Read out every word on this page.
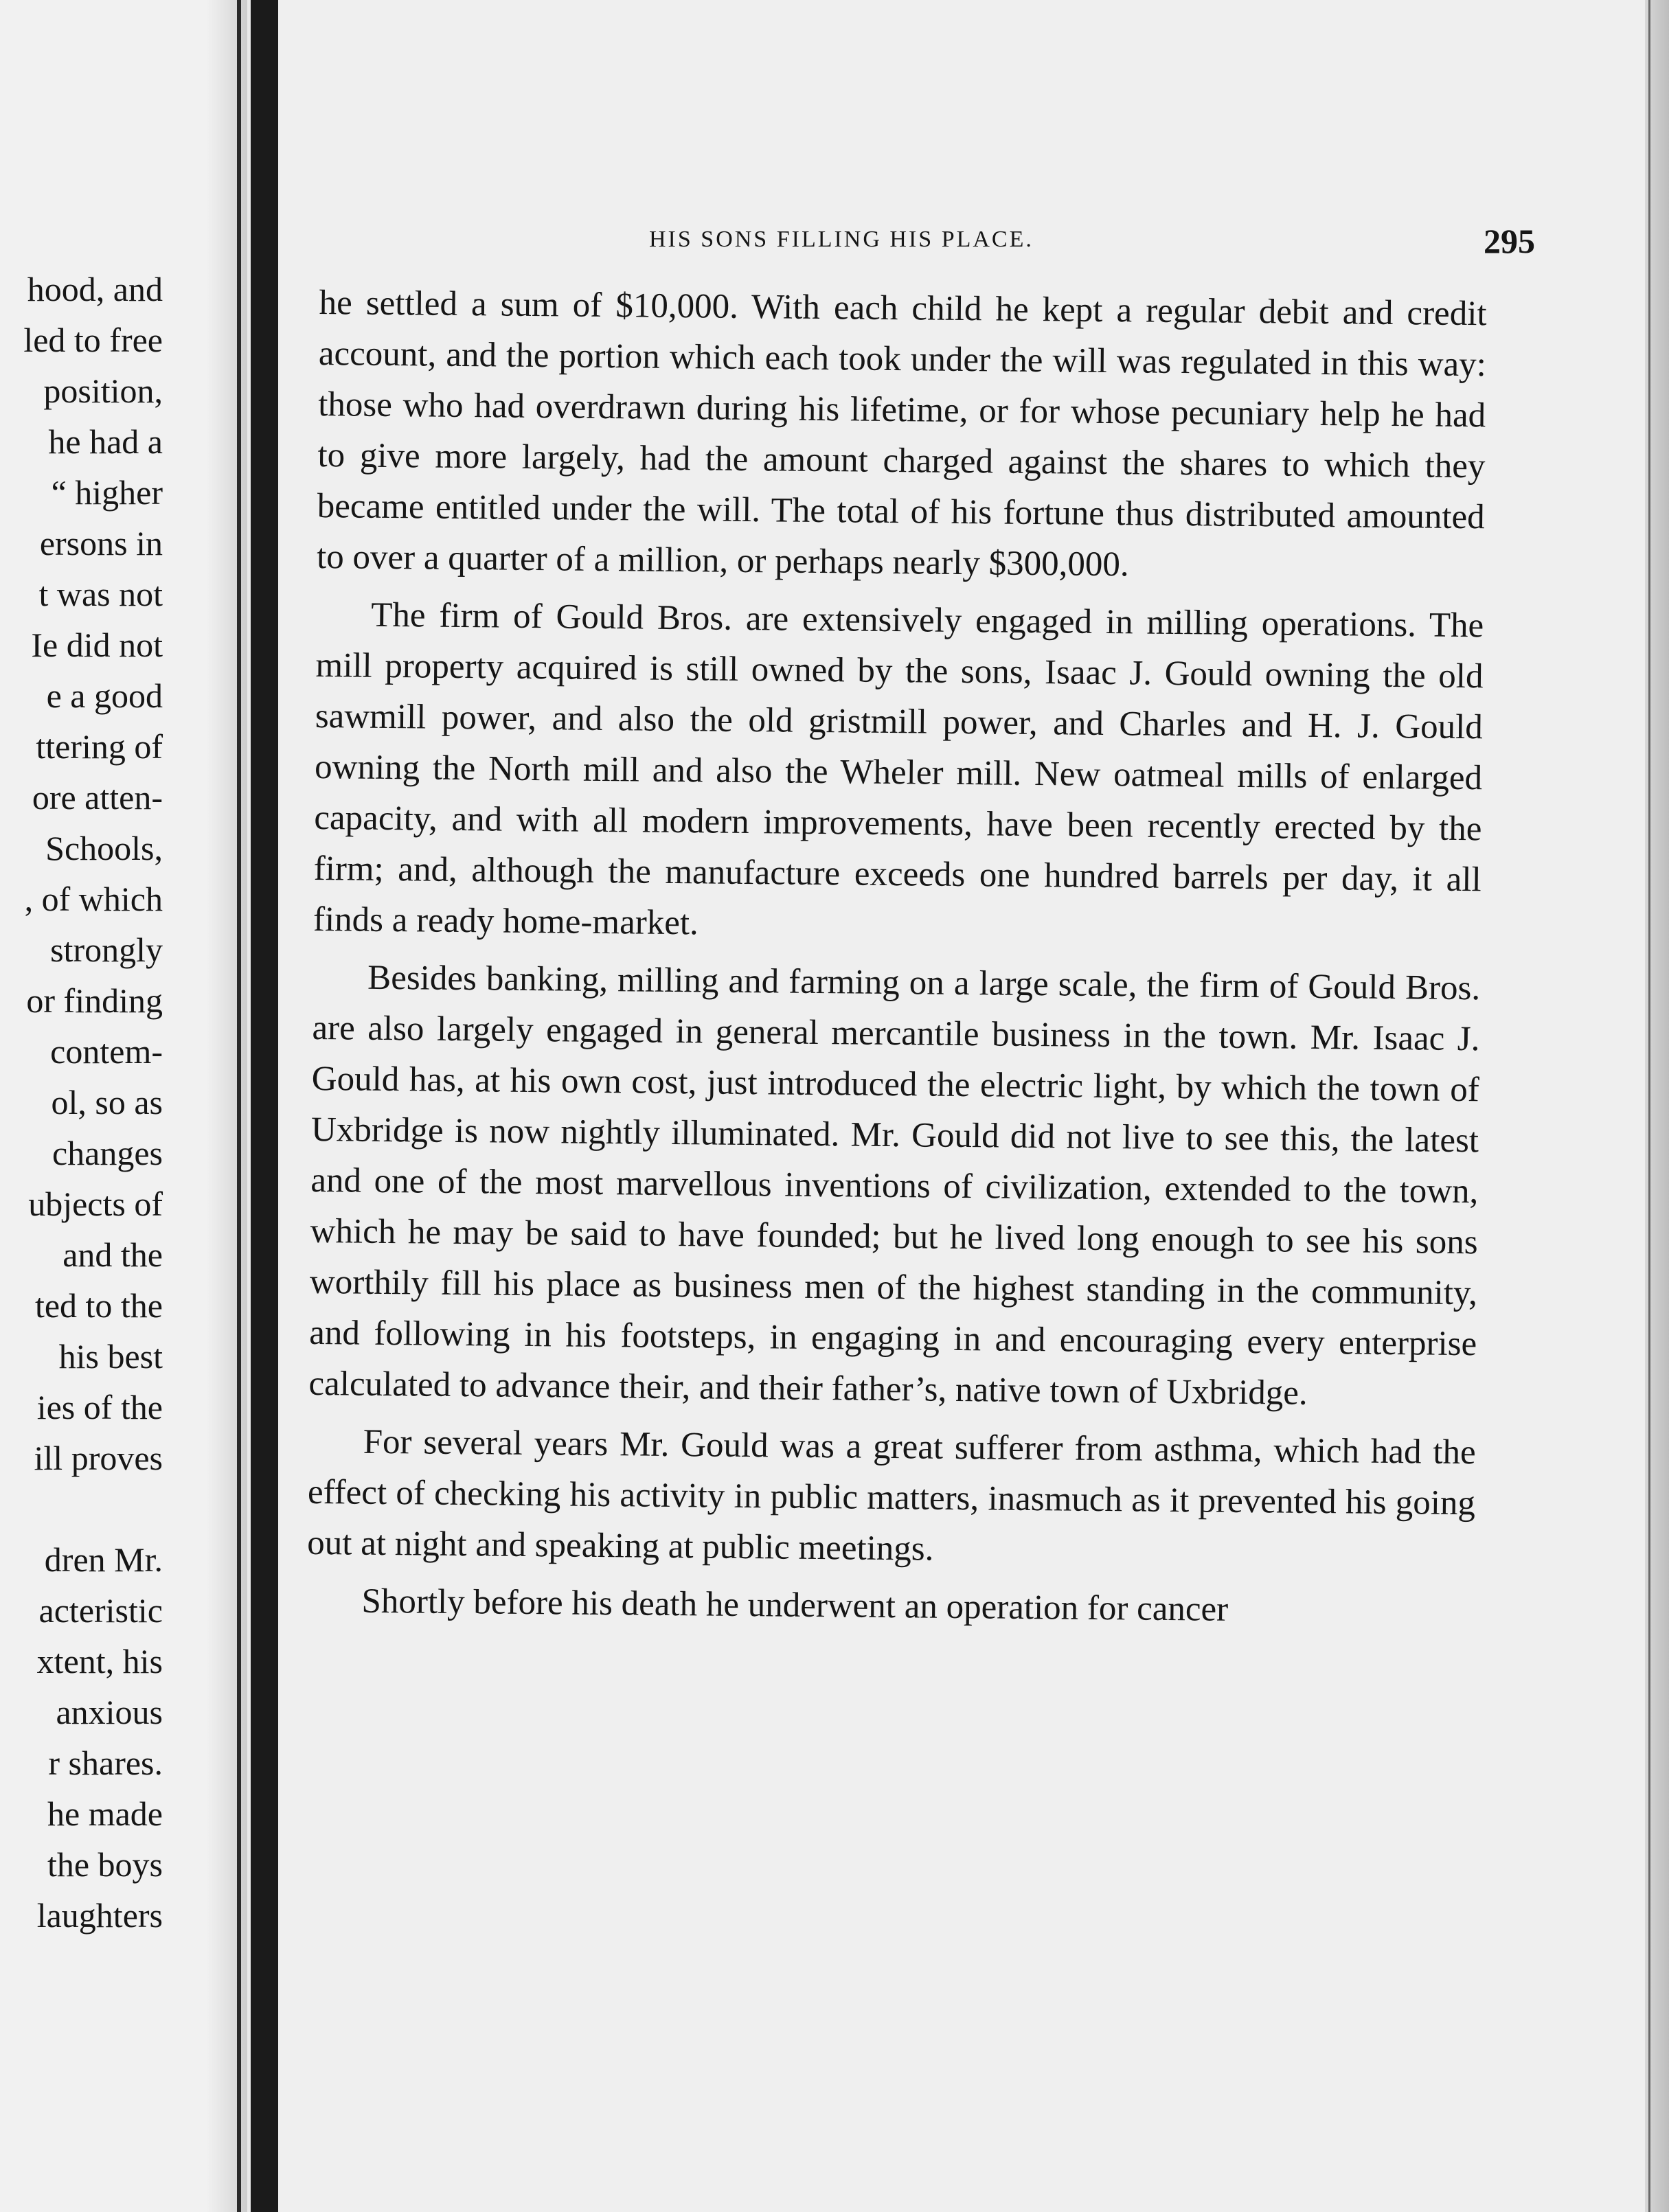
hood, and
led to free
position,
he had a
“ higher
ersons in
t was not
Ie did not
e a good
ttering of
ore atten-
Schools,
, of which
strongly
or finding
contem-
ol, so as
changes
ubjects of
and the
ted to the
his best
ies of the
ill proves
dren Mr.
acteristic
xtent, his
anxious
r shares.
he made
the boys
laughters
HIS SONS FILLING HIS PLACE.	295

he settled a sum of $10,000. With each child he kept a regular debit and credit account, and the portion which each took under the will was regulated in this way: those who had overdrawn during his lifetime, or for whose pecuniary help he had to give more largely, had the amount charged against the shares to which they became entitled under the will. The total of his fortune thus distributed amounted to over a quarter of a million, or perhaps nearly $300,000.

The firm of Gould Bros. are extensively engaged in milling operations. The mill property acquired is still owned by the sons, Isaac J. Gould owning the old sawmill power, and also the old gristmill power, and Charles and H. J. Gould owning the North mill and also the Wheler mill. New oatmeal mills of enlarged capacity, and with all modern improvements, have been recently erected by the firm; and, although the manufacture exceeds one hundred barrels per day, it all finds a ready home-market.

Besides banking, milling and farming on a large scale, the firm of Gould Bros. are also largely engaged in general mercantile business in the town. Mr. Isaac J. Gould has, at his own cost, just introduced the electric light, by which the town of Uxbridge is now nightly illuminated. Mr. Gould did not live to see this, the latest and one of the most marvellous inventions of civilization, extended to the town, which he may be said to have founded; but he lived long enough to see his sons worthily fill his place as business men of the highest standing in the community, and following in his footsteps, in engaging in and encouraging every enterprise calculated to advance their, and their father’s, native town of Uxbridge.

For several years Mr. Gould was a great sufferer from asthma, which had the effect of checking his activity in public matters, inasmuch as it prevented his going out at night and speaking at public meetings.

Shortly before his death he underwent an operation for cancer
